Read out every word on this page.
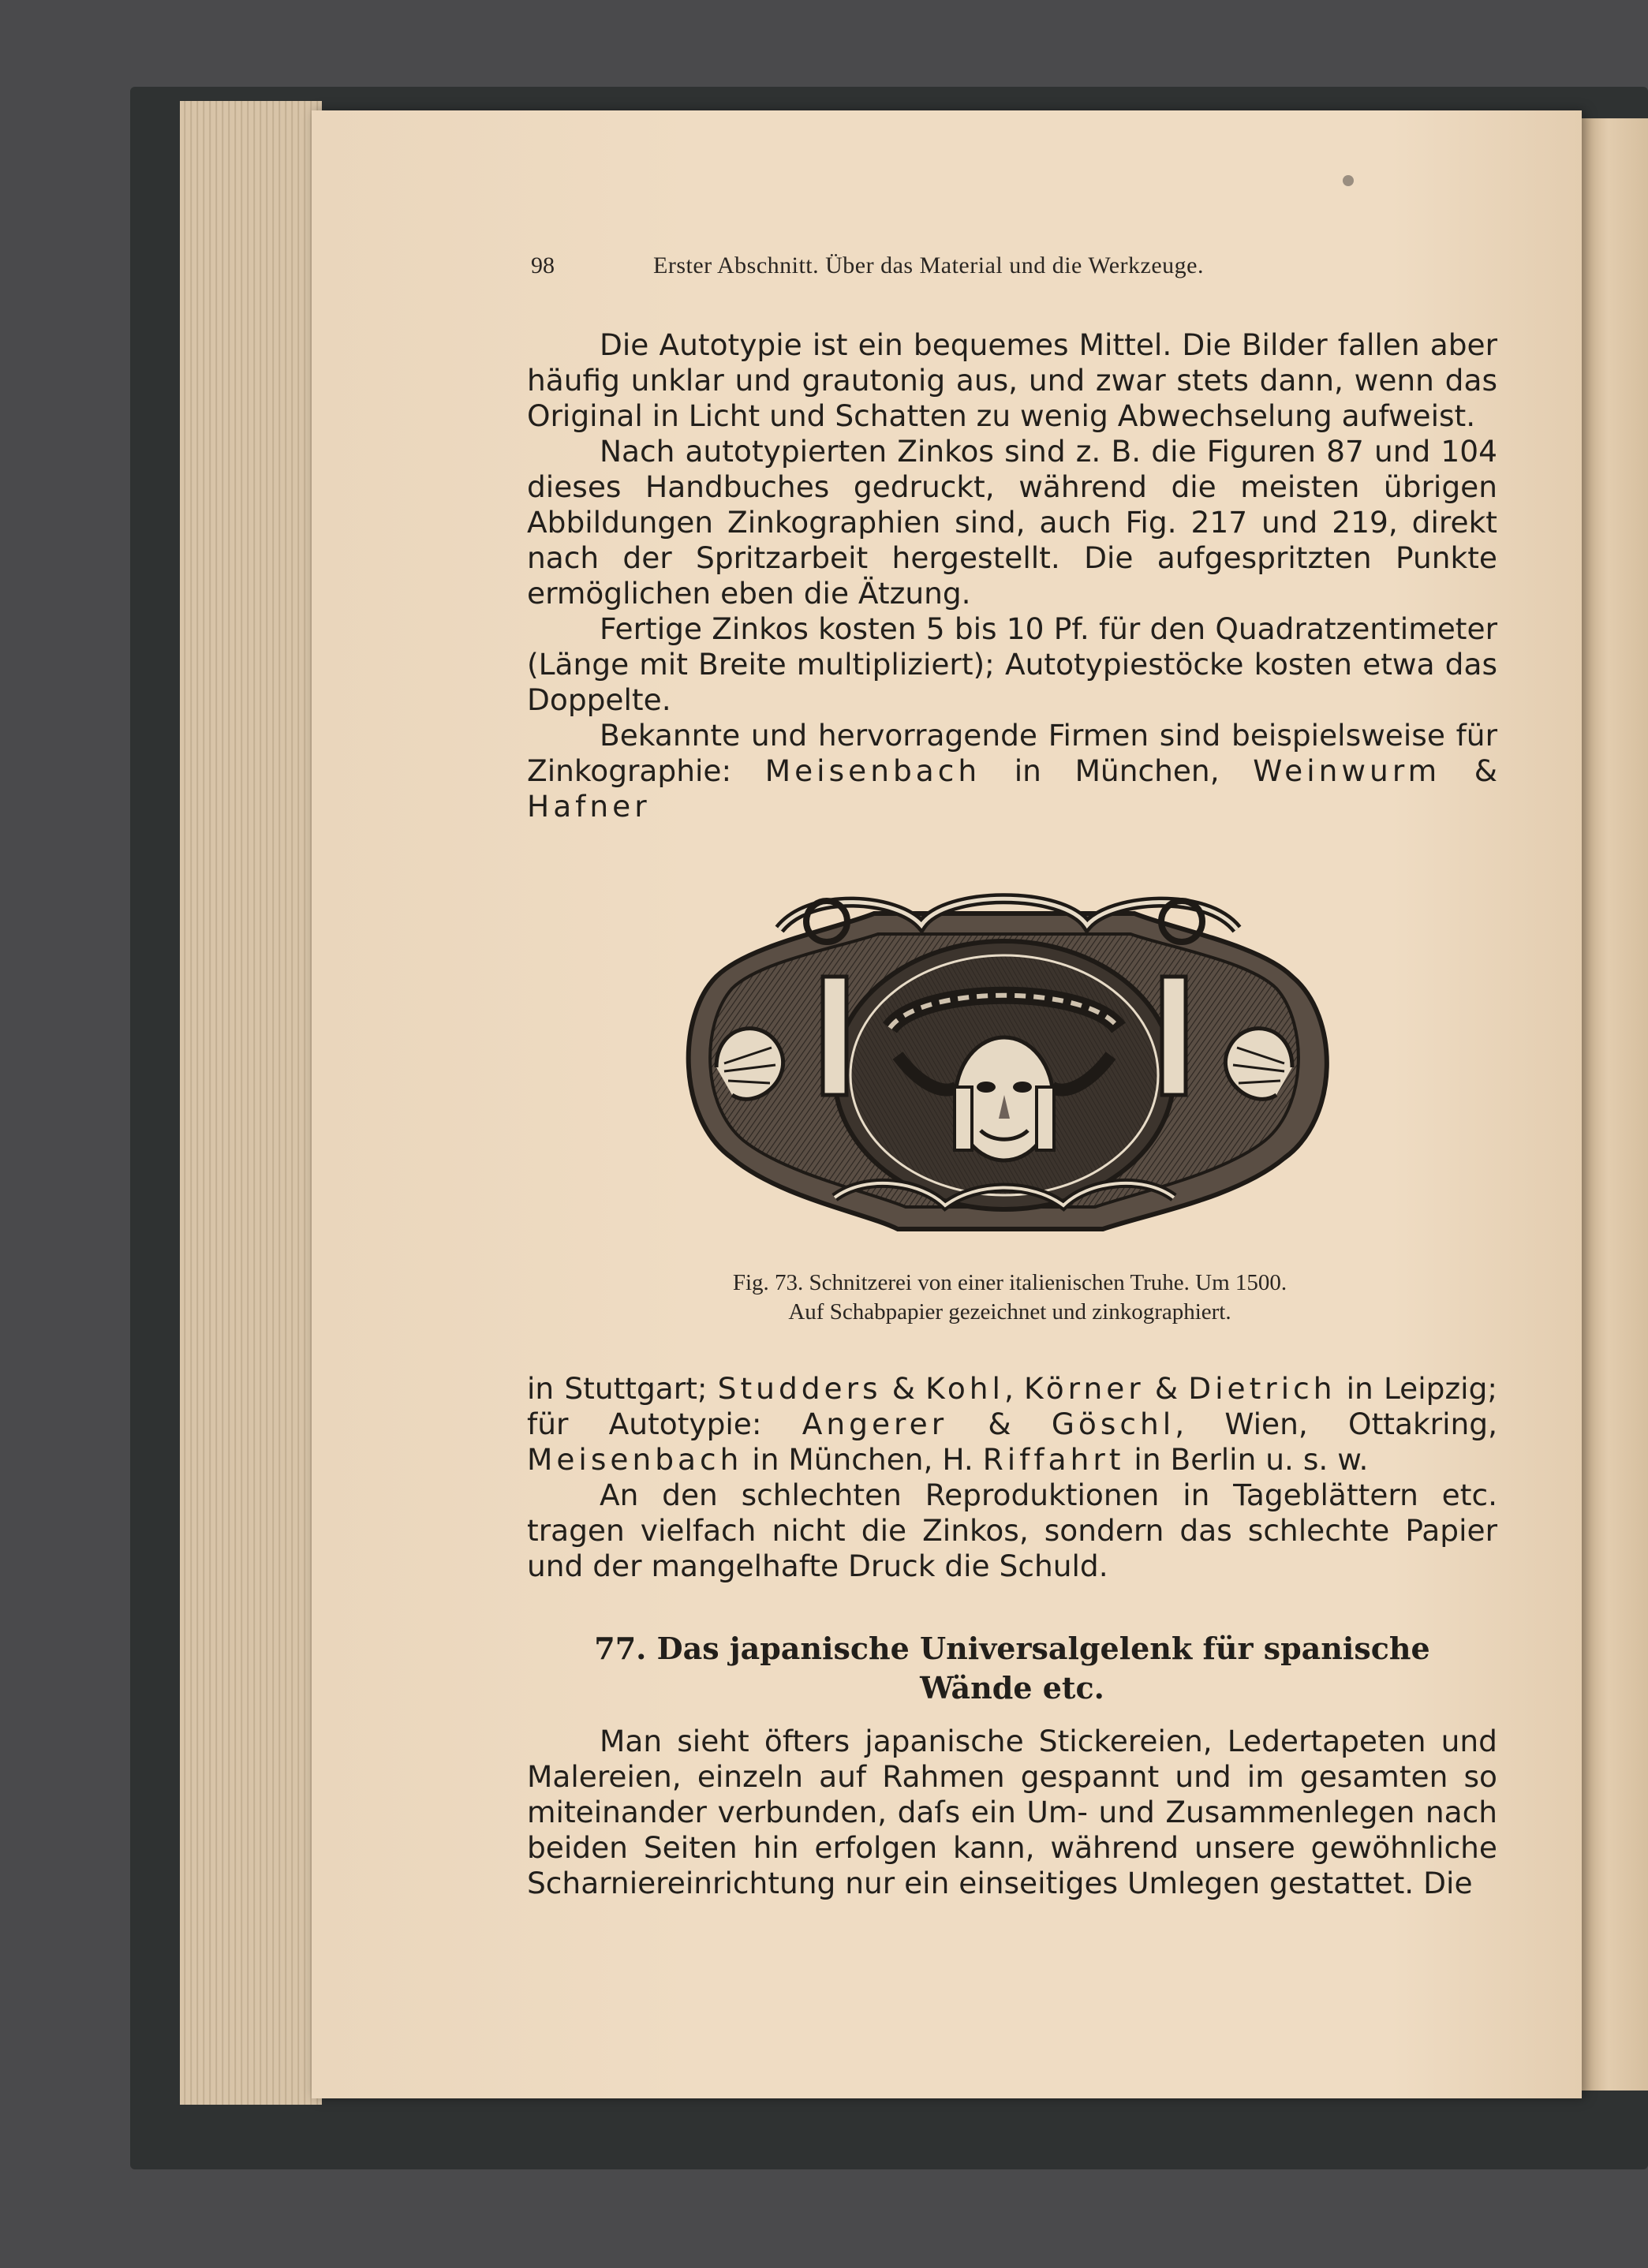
98	Erster Abschnitt. Über das Material und die Werkzeuge.

Die Autotypie ist ein bequemes Mittel. Die Bilder fallen aber häufig unklar und grautonig aus, und zwar stets dann, wenn das Original in Licht und Schatten zu wenig Abwechselung aufweist.

Nach autotypierten Zinkos sind z. B. die Figuren 87 und 104 dieses Handbuches gedruckt, während die meisten übrigen Abbildungen Zinkographien sind, auch Fig. 217 und 219, direkt nach der Spritzarbeit hergestellt. Die aufgespritzten Punkte ermöglichen eben die Ätzung.

Fertige Zinkos kosten 5 bis 10 Pf. für den Quadratzentimeter (Länge mit Breite multipliziert); Autotypiestöcke kosten etwa das Doppelte.

Bekannte und hervorragende Firmen sind beispielsweise für Zinkographie: Meisenbach in München, Weinwurm & Hafner

Fig. 73. Schnitzerei von einer italienischen Truhe. Um 1500.
Auf Schabpapier gezeichnet und zinkographiert.

in Stuttgart; Studders & Kohl, Körner & Dietrich in Leipzig; für Autotypie: Angerer & Göschl, Wien, Ottakring, Meisenbach in München, H. Riffahrt in Berlin u. s. w.

An den schlechten Reproduktionen in Tageblättern etc. tragen vielfach nicht die Zinkos, sondern das schlechte Papier und der mangelhafte Druck die Schuld.

77. Das japanische Universalgelenk für spanische
Wände etc.

Man sieht öfters japanische Stickereien, Ledertapeten und Malereien, einzeln auf Rahmen gespannt und im gesamten so miteinander verbunden, daſs ein Um- und Zusammenlegen nach beiden Seiten hin erfolgen kann, während unsere gewöhnliche Scharniereinrichtung nur ein einseitiges Umlegen gestattet. Die
